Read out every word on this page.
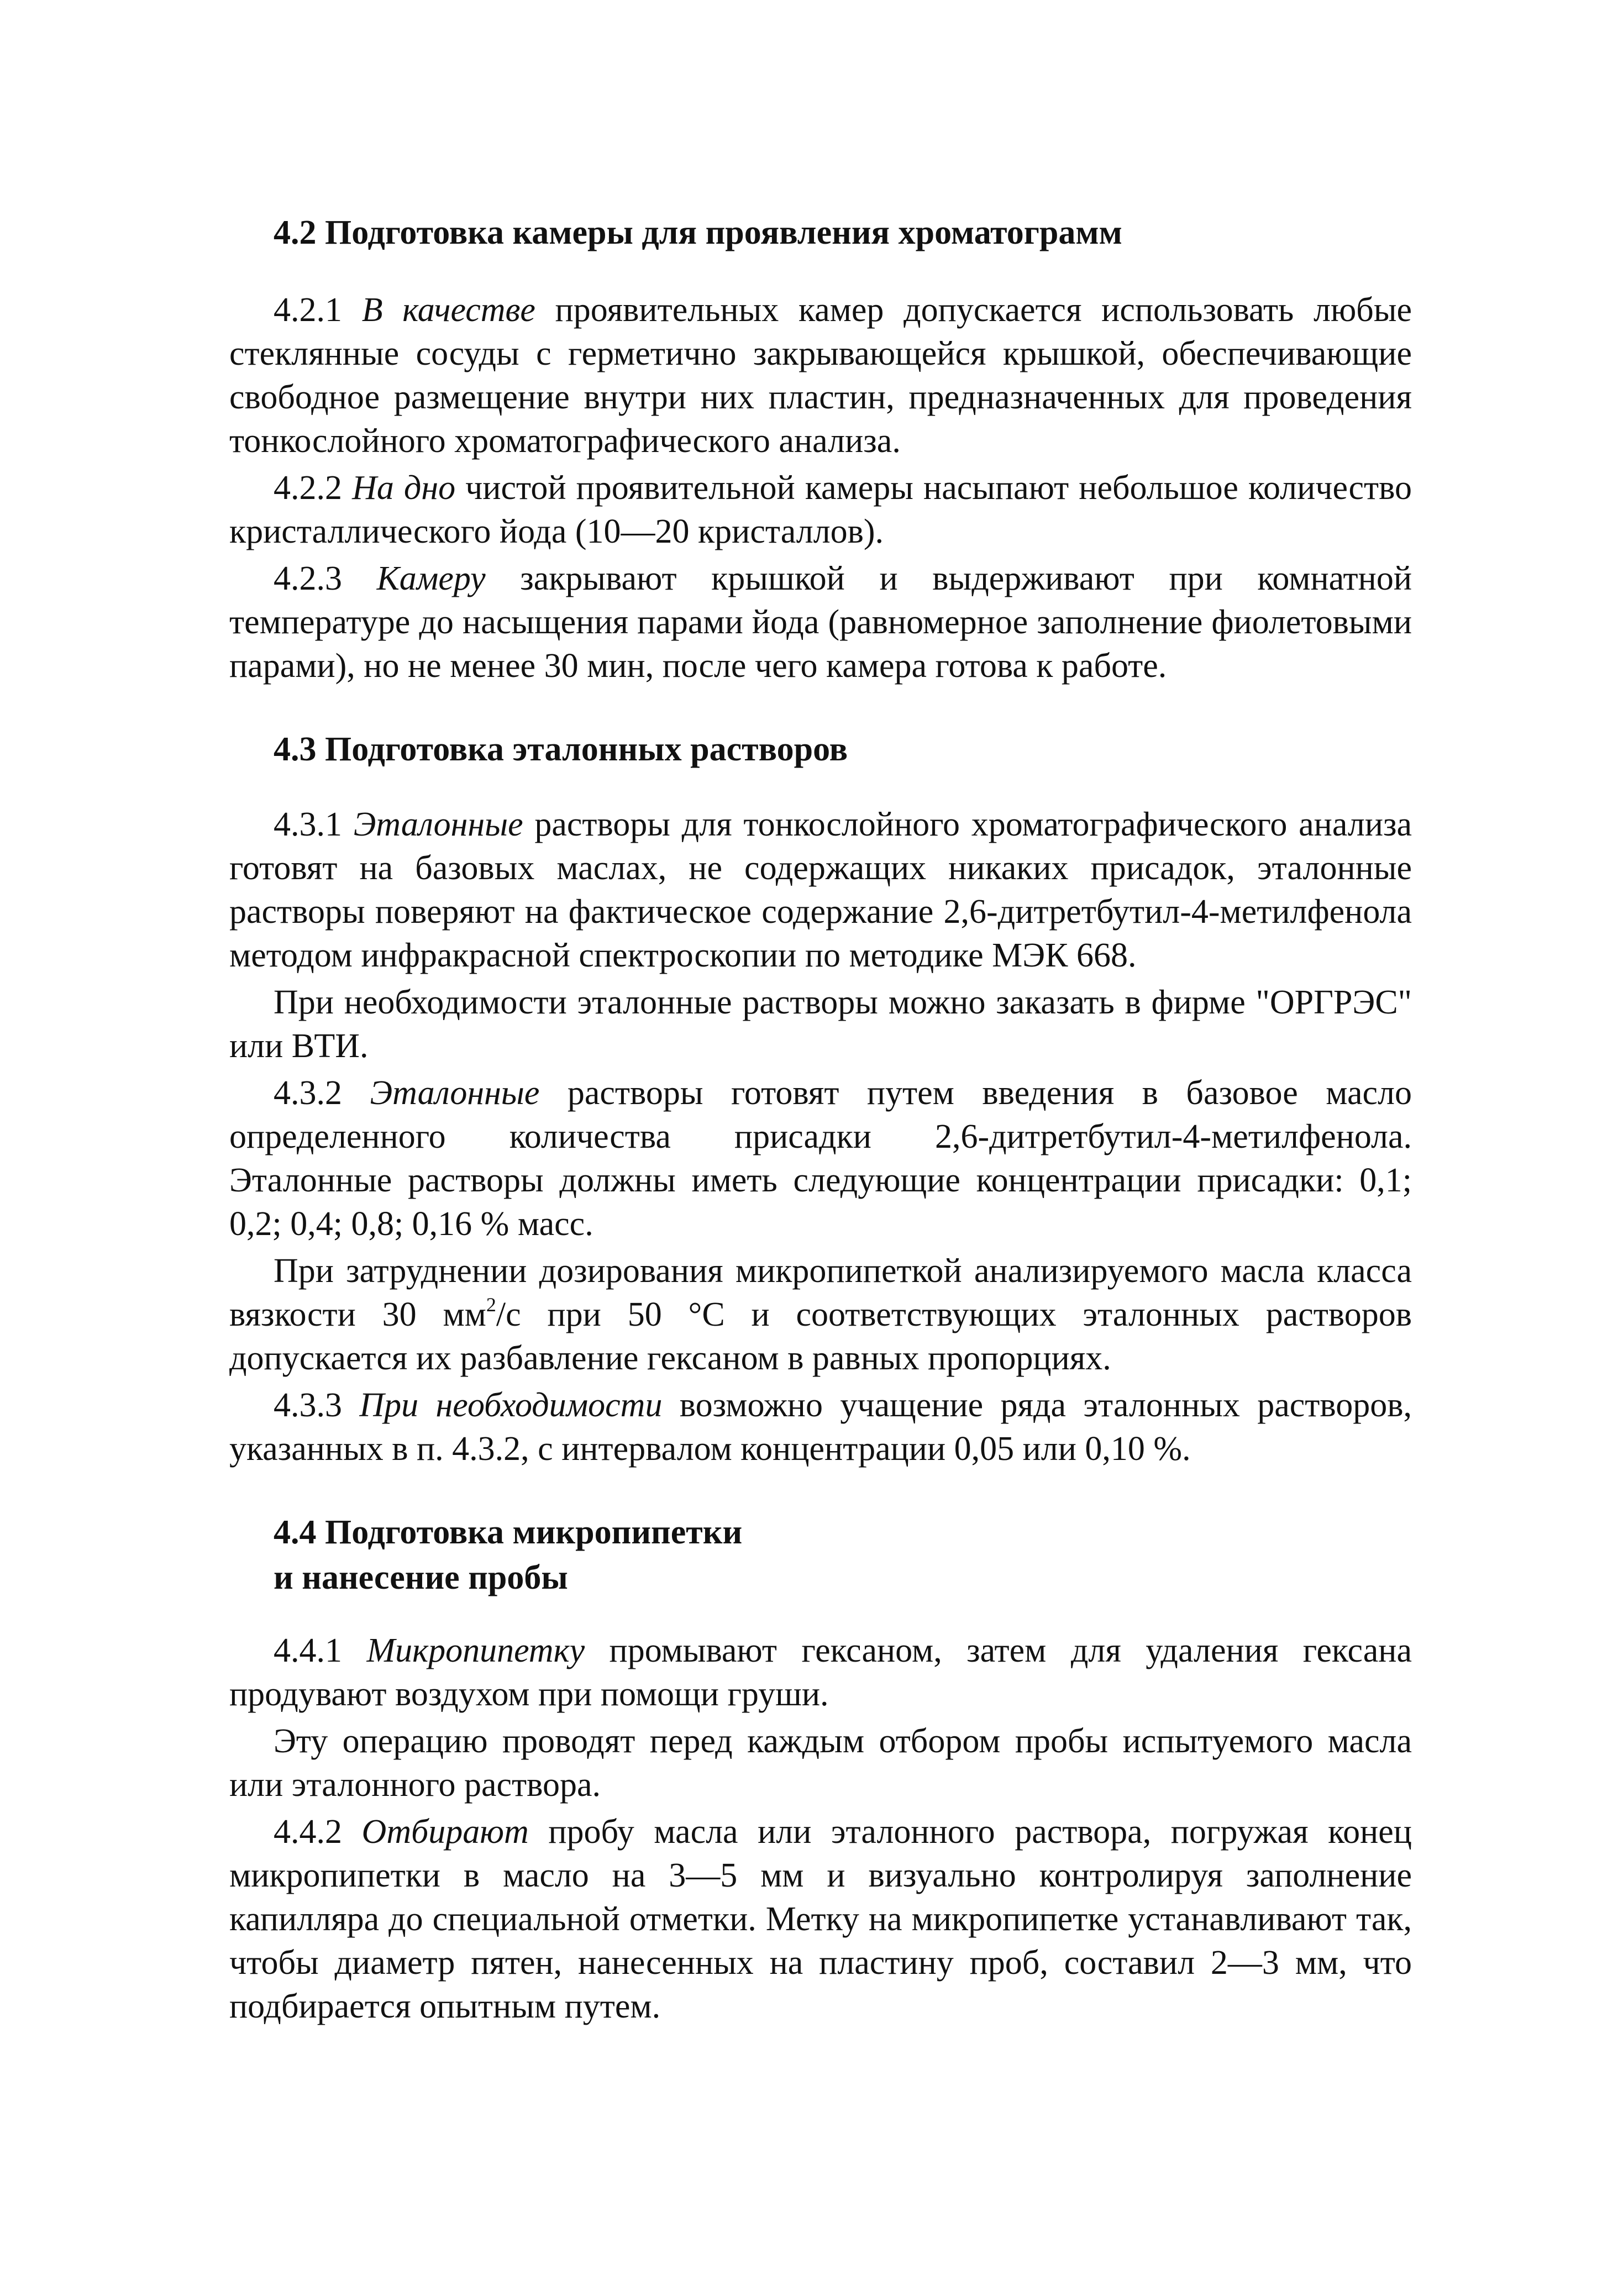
4.2 Подготовка камеры для проявления хроматограмм

4.2.1 В качестве проявительных камер допускается использовать любые стеклянные сосуды с герметично закрывающейся крышкой, обеспечивающие свободное размещение внутри них пластин, предназначенных для проведения тонкослойного хроматографического анализа.

4.2.2 На дно чистой проявительной камеры насыпают небольшое количество кристаллического йода (10—20 кристаллов).

4.2.3 Камеру закрывают крышкой и выдерживают при комнатной температуре до насыщения парами йода (равномерное заполнение фиолетовыми парами), но не менее 30 мин, после чего камера готова к работе.

4.3 Подготовка эталонных растворов

4.3.1 Эталонные растворы для тонкослойного хроматографического анализа готовят на базовых маслах, не содержащих никаких присадок, эталонные растворы поверяют на фактическое содержание 2,6-дитретбутил-4-метилфенола методом инфракрасной спектроскопии по методике МЭК 668.

При необходимости эталонные растворы можно заказать в фирме "ОРГРЭС" или ВТИ.

4.3.2 Эталонные растворы готовят путем введения в базовое масло определенного количества присадки 2,6-дитретбутил-4-метилфенола. Эталонные растворы должны иметь следующие концентрации присадки: 0,1; 0,2; 0,4; 0,8; 0,16 % масс.

При затруднении дозирования микропипеткой анализируемого масла класса вязкости 30 $мм^2/с$ при 50 °С и соответствующих эталонных растворов допускается их разбавление гексаном в равных пропорциях.

4.3.3 При необходимости возможно учащение ряда эталонных растворов, указанных в п. 4.3.2, с интервалом концентрации 0,05 или 0,10 %.

4.4 Подготовка микропипетки
и нанесение пробы

4.4.1 Микропипетку промывают гексаном, затем для удаления гексана продувают воздухом при помощи груши.

Эту операцию проводят перед каждым отбором пробы испытуемого масла или эталонного раствора.

4.4.2 Отбирают пробу масла или эталонного раствора, погружая конец микропипетки в масло на 3—5 мм и визуально контролируя заполнение капилляра до специальной отметки. Метку на микропипетке устанавливают так, чтобы диаметр пятен, нанесенных на пластину проб, составил 2—3 мм, что подбирается опытным путем.
